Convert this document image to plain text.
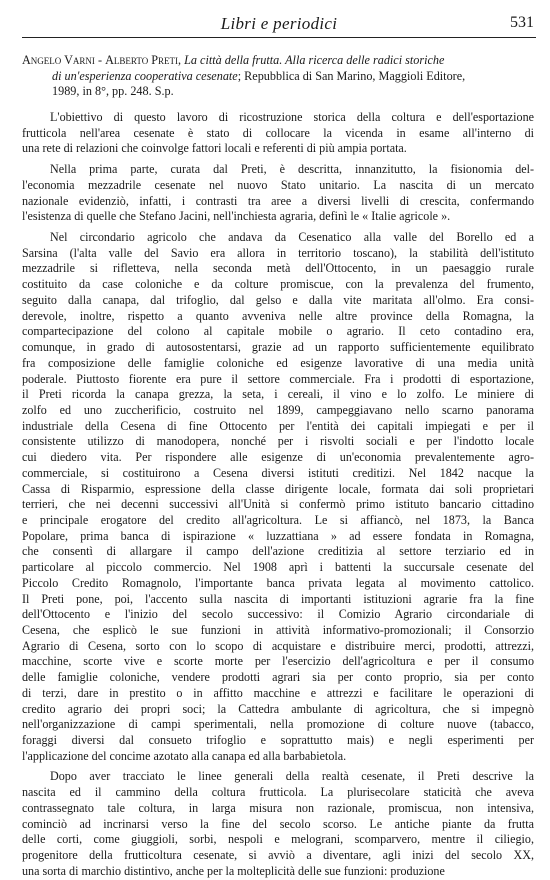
Libri e periodici	531
Angelo Varni - Alberto Preti, La città della frutta. Alla ricerca delle radici storiche
di un'esperienza cooperativa cesenate; Repubblica di San Marino, Maggioli Editore,
1989, in 8°, pp. 248. S.p.
L'obiettivo di questo lavoro di ricostruzione storica della coltura e dell'esportazione
frutticola nell'area cesenate è stato di collocare la vicenda in esame all'interno di
una rete di relazioni che coinvolge fattori locali e referenti di più ampia portata.
Nella prima parte, curata dal Preti, è descritta, innanzitutto, la fisionomia del-
l'economia mezzadrile cesenate nel nuovo Stato unitario. La nascita di un mercato
nazionale evidenziò, infatti, i contrasti tra aree a diversi livelli di crescita, confermando
l'esistenza di quelle che Stefano Jacini, nell'inchiesta agraria, definì le « Italie agricole ».
Nel circondario agricolo che andava da Cesenatico alla valle del Borello ed a
Sarsina (l'alta valle del Savio era allora in territorio toscano), la stabilità dell'istituto
mezzadrile si rifletteva, nella seconda metà dell'Ottocento, in un paesaggio rurale
costituito da case coloniche e da colture promiscue, con la prevalenza del frumento,
seguito dalla canapa, dal trifoglio, dal gelso e dalla vite maritata all'olmo. Era consi-
derevole, inoltre, rispetto a quanto avveniva nelle altre province della Romagna, la
compartecipazione del colono al capitale mobile o agrario. Il ceto contadino era,
comunque, in grado di autosostentarsi, grazie ad un rapporto sufficientemente equilibrato
fra composizione delle famiglie coloniche ed esigenze lavorative di una media unità
poderale. Piuttosto fiorente era pure il settore commerciale. Fra i prodotti di esportazione,
il Preti ricorda la canapa grezza, la seta, i cereali, il vino e lo zolfo. Le miniere di
zolfo ed uno zuccherificio, costruito nel 1899, campeggiavano nello scarno panorama
industriale della Cesena di fine Ottocento per l'entità dei capitali impiegati e per il
consistente utilizzo di manodopera, nonché per i risvolti sociali e per l'indotto locale
cui diedero vita. Per rispondere alle esigenze di un'economia prevalentemente agro-
commerciale, si costituirono a Cesena diversi istituti creditizi. Nel 1842 nacque la
Cassa di Risparmio, espressione della classe dirigente locale, formata dai soli proprietari
terrieri, che nei decenni successivi all'Unità si confermò primo istituto bancario cittadino
e principale erogatore del credito all'agricoltura. Le si affiancò, nel 1873, la Banca
Popolare, prima banca di ispirazione « luzzattiana » ad essere fondata in Romagna,
che consentì di allargare il campo dell'azione creditizia al settore terziario ed in
particolare al piccolo commercio. Nel 1908 aprì i battenti la succursale cesenate del
Piccolo Credito Romagnolo, l'importante banca privata legata al movimento cattolico.
Il Preti pone, poi, l'accento sulla nascita di importanti istituzioni agrarie fra la fine
dell'Ottocento e l'inizio del secolo successivo: il Comizio Agrario circondariale di
Cesena, che esplicò le sue funzioni in attività informativo-promozionali; il Consorzio
Agrario di Cesena, sorto con lo scopo di acquistare e distribuire merci, prodotti, attrezzi,
macchine, scorte vive e scorte morte per l'esercizio dell'agricoltura e per il consumo
delle famiglie coloniche, vendere prodotti agrari sia per conto proprio, sia per conto
di terzi, dare in prestito o in affitto macchine e attrezzi e facilitare le operazioni di
credito agrario dei propri soci; la Cattedra ambulante di agricoltura, che si impegnò
nell'organizzazione di campi sperimentali, nella promozione di colture nuove (tabacco,
foraggi diversi dal consueto trifoglio e soprattutto mais) e negli esperimenti per
l'applicazione del concime azotato alla canapa ed alla barbabietola.
Dopo aver tracciato le linee generali della realtà cesenate, il Preti descrive la
nascita ed il cammino della coltura frutticola. La plurisecolare staticità che aveva
contrassegnato tale coltura, in larga misura non razionale, promiscua, non intensiva,
cominciò ad incrinarsi verso la fine del secolo scorso. Le antiche piante da frutta
delle corti, come giuggioli, sorbi, nespoli e melograni, scomparvero, mentre il ciliegio,
progenitore della frutticoltura cesenate, si avviò a diventare, agli inizi del secolo XX,
una sorta di marchio distintivo, anche per la molteplicità delle sue funzioni: produzione
